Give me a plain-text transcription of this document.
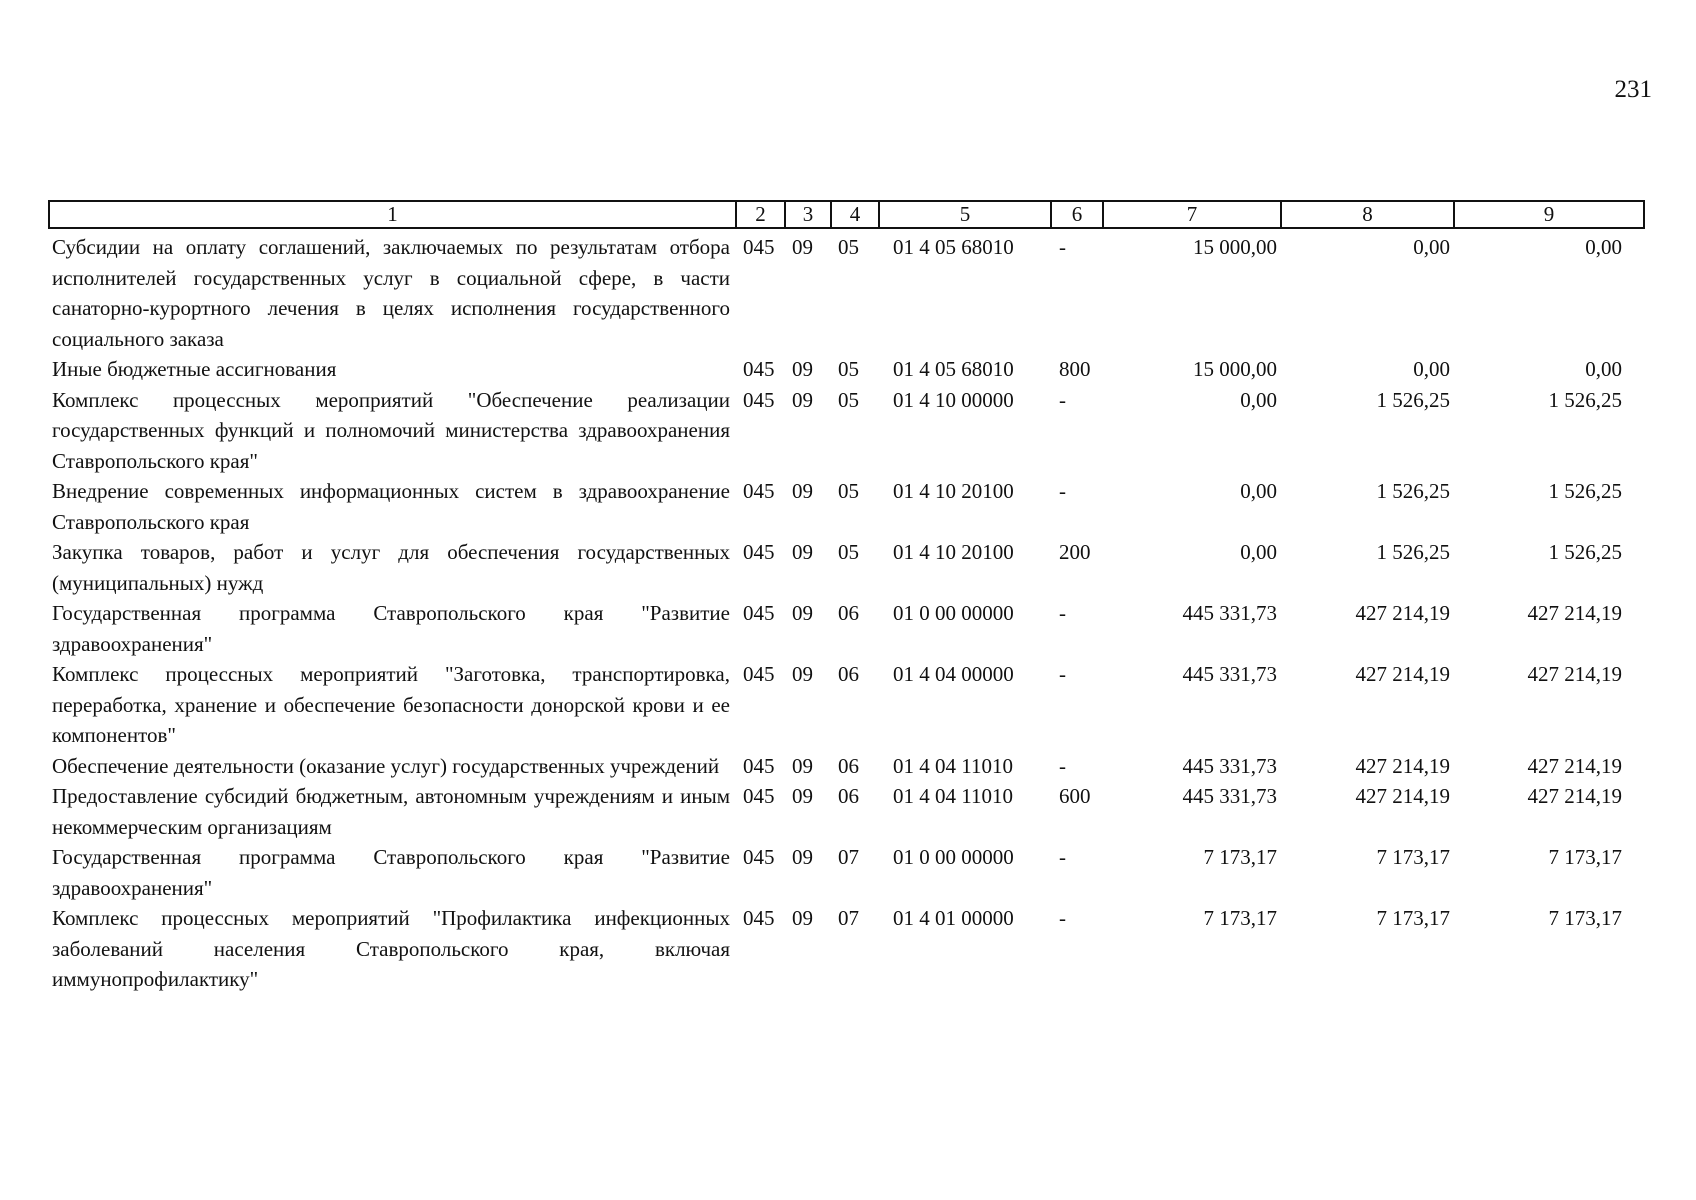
231
1	2	3	4	5	6	7	8	9
Субсидии на оплату соглашений, заключаемых по результатам отбора исполнителей государственных услуг в социальной сфере, в части санаторно-курортного лечения в целях исполнения государственного социального заказа	045	09	05	01 4 05 68010	-	15 000,00	0,00	0,00
Иные бюджетные ассигнования	045	09	05	01 4 05 68010	800	15 000,00	0,00	0,00
Комплекс процессных мероприятий "Обеспечение реализации государственных функций и полномочий министерства здравоохранения Ставропольского края"	045	09	05	01 4 10 00000	-	0,00	1 526,25	1 526,25
Внедрение современных информационных систем в здравоохранение Ставропольского края	045	09	05	01 4 10 20100	-	0,00	1 526,25	1 526,25
Закупка товаров, работ и услуг для обеспечения государственных (муниципальных) нужд	045	09	05	01 4 10 20100	200	0,00	1 526,25	1 526,25
Государственная программа Ставропольского края "Развитие здравоохранения"	045	09	06	01 0 00 00000	-	445 331,73	427 214,19	427 214,19
Комплекс процессных мероприятий "Заготовка, транспортировка, переработка, хранение и обеспечение безопасности донорской крови и ее компонентов"	045	09	06	01 4 04 00000	-	445 331,73	427 214,19	427 214,19
Обеспечение деятельности (оказание услуг) государственных учреждений	045	09	06	01 4 04 11010	-	445 331,73	427 214,19	427 214,19
Предоставление субсидий бюджетным, автономным учреждениям и иным некоммерческим организациям	045	09	06	01 4 04 11010	600	445 331,73	427 214,19	427 214,19
Государственная программа Ставропольского края "Развитие здравоохранения"	045	09	07	01 0 00 00000	-	7 173,17	7 173,17	7 173,17
Комплекс процессных мероприятий "Профилактика инфекционных заболеваний населения Ставропольского края, включая иммунопрофилактику"	045	09	07	01 4 01 00000	-	7 173,17	7 173,17	7 173,17
